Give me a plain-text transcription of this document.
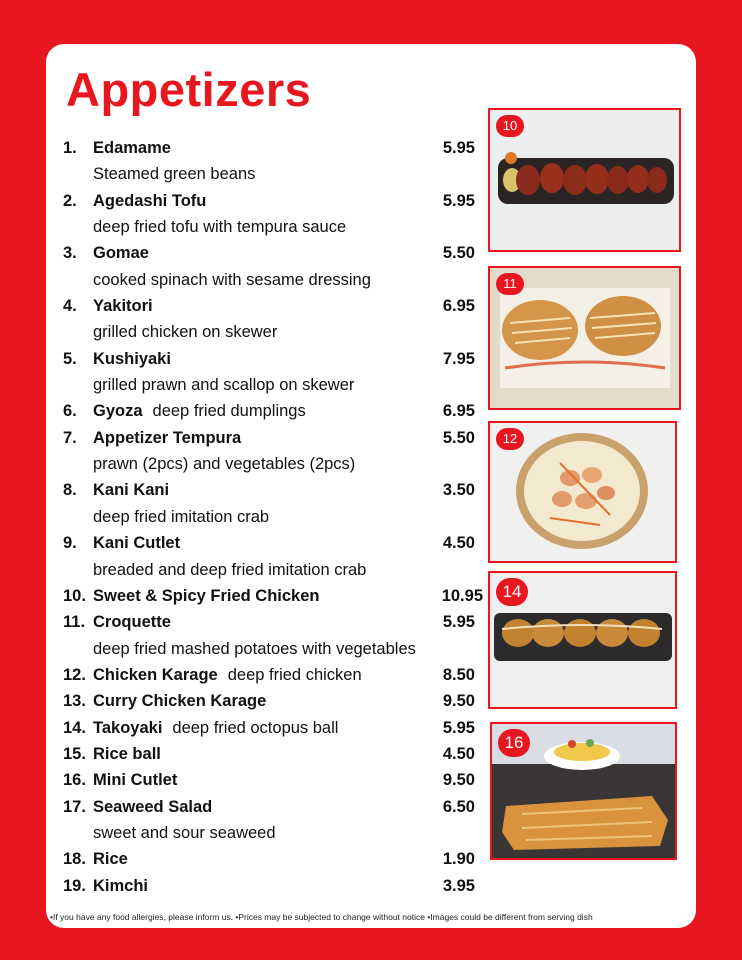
Appetizers
1. Edamame	5.95
Steamed green beans
2. Agedashi Tofu	5.95
deep fried tofu with tempura sauce
3. Gomae	5.50
cooked spinach with sesame dressing
4. Yakitori	6.95
grilled chicken on skewer
5. Kushiyaki	7.95
grilled prawn and scallop on skewer
6. Gyoza deep fried dumplings	6.95
7. Appetizer Tempura	5.50
prawn (2pcs) and vegetables (2pcs)
8. Kani Kani	3.50
deep fried imitation crab
9. Kani Cutlet	4.50
breaded and deep fried imitation crab
10. Sweet & Spicy Fried Chicken	10.95
11. Croquette	5.95
deep fried mashed potatoes with vegetables
12. Chicken Karage deep fried chicken	8.50
13. Curry Chicken Karage	9.50
14. Takoyaki deep fried octopus ball	5.95
15. Rice ball	4.50
16. Mini Cutlet	9.50
17. Seaweed Salad	6.50
sweet and sour seaweed
18. Rice	1.90
19. Kimchi	3.95
10
11
12
14
16
•If you have any food allergies, please inform us. •Prices may be subjected to change without notice •Images could be different from serving dish
